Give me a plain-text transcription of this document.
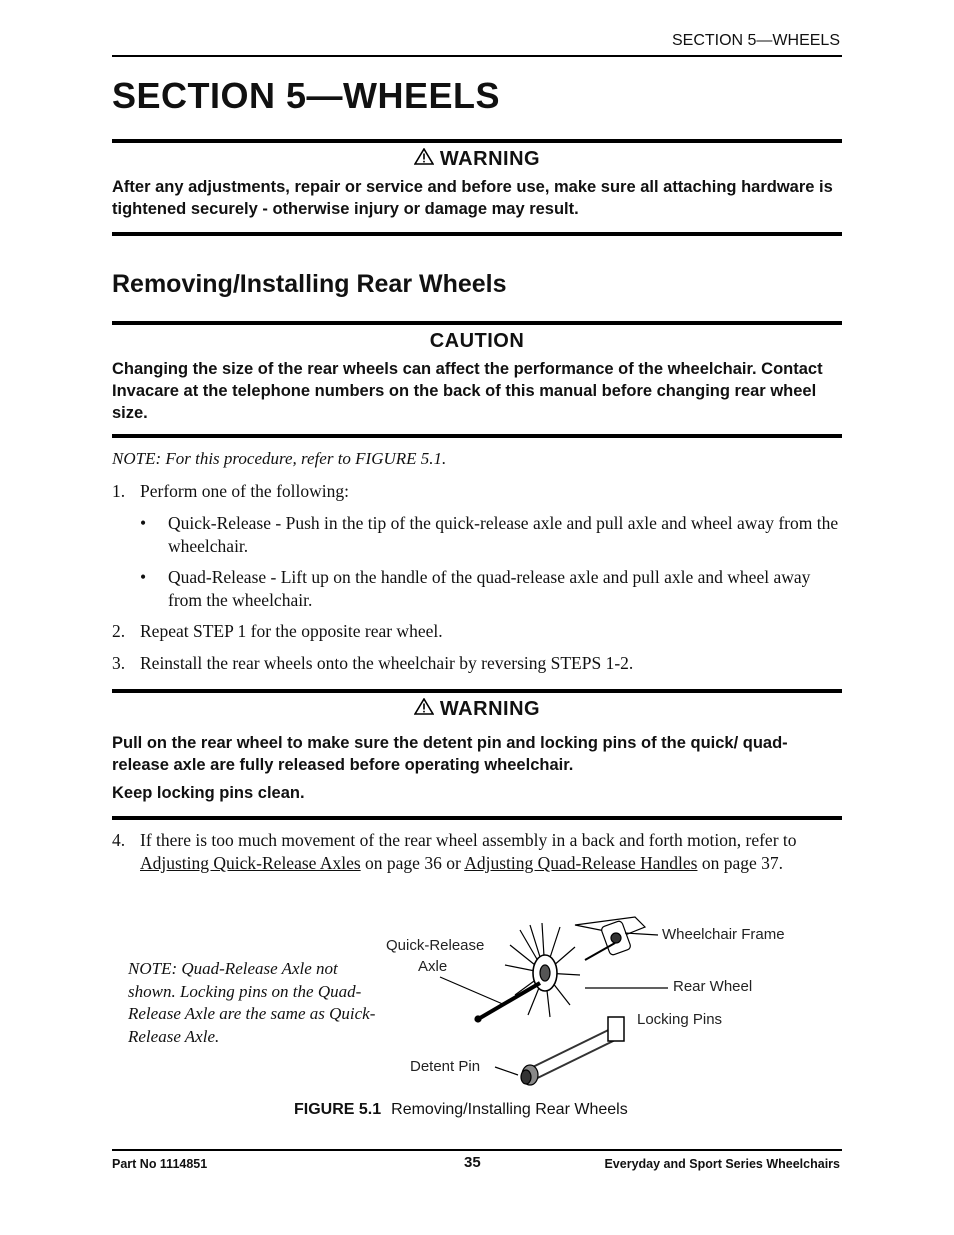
SECTION 5—WHEELS
SECTION 5—WHEELS
WARNING
After any adjustments, repair or service and before use, make sure all attaching hardware is tightened securely - otherwise injury or damage may result.
Removing/Installing Rear Wheels
CAUTION
Changing the size of the rear wheels can affect the performance of the wheelchair. Contact Invacare at the telephone numbers on the back of this manual before changing rear wheel size.
NOTE: For this procedure, refer to FIGURE 5.1.
1. Perform one of the following:
• Quick-Release - Push in the tip of the quick-release axle and pull axle and wheel away from the wheelchair.
• Quad-Release - Lift up on the handle of the quad-release axle and pull axle and wheel away from the wheelchair.
2. Repeat STEP 1 for the opposite rear wheel.
3. Reinstall the rear wheels onto the wheelchair by reversing STEPS 1-2.
WARNING
Pull on the rear wheel to make sure the detent pin and locking pins of the quick/ quad-release axle are fully released before operating wheelchair.
Keep locking pins clean.
4. If there is too much movement of the rear wheel assembly in a back and forth motion, refer to Adjusting Quick-Release Axles on page 36 or Adjusting Quad-Release Handles on page 37.
NOTE: Quad-Release Axle not shown. Locking pins on the Quad-Release Axle are the same as Quick-Release Axle.
Quick-Release
Axle
Wheelchair Frame
Rear Wheel
Locking Pins
Detent Pin
FIGURE 5.1 Removing/Installing Rear Wheels
Part No 1114851	35	Everyday and Sport Series Wheelchairs
